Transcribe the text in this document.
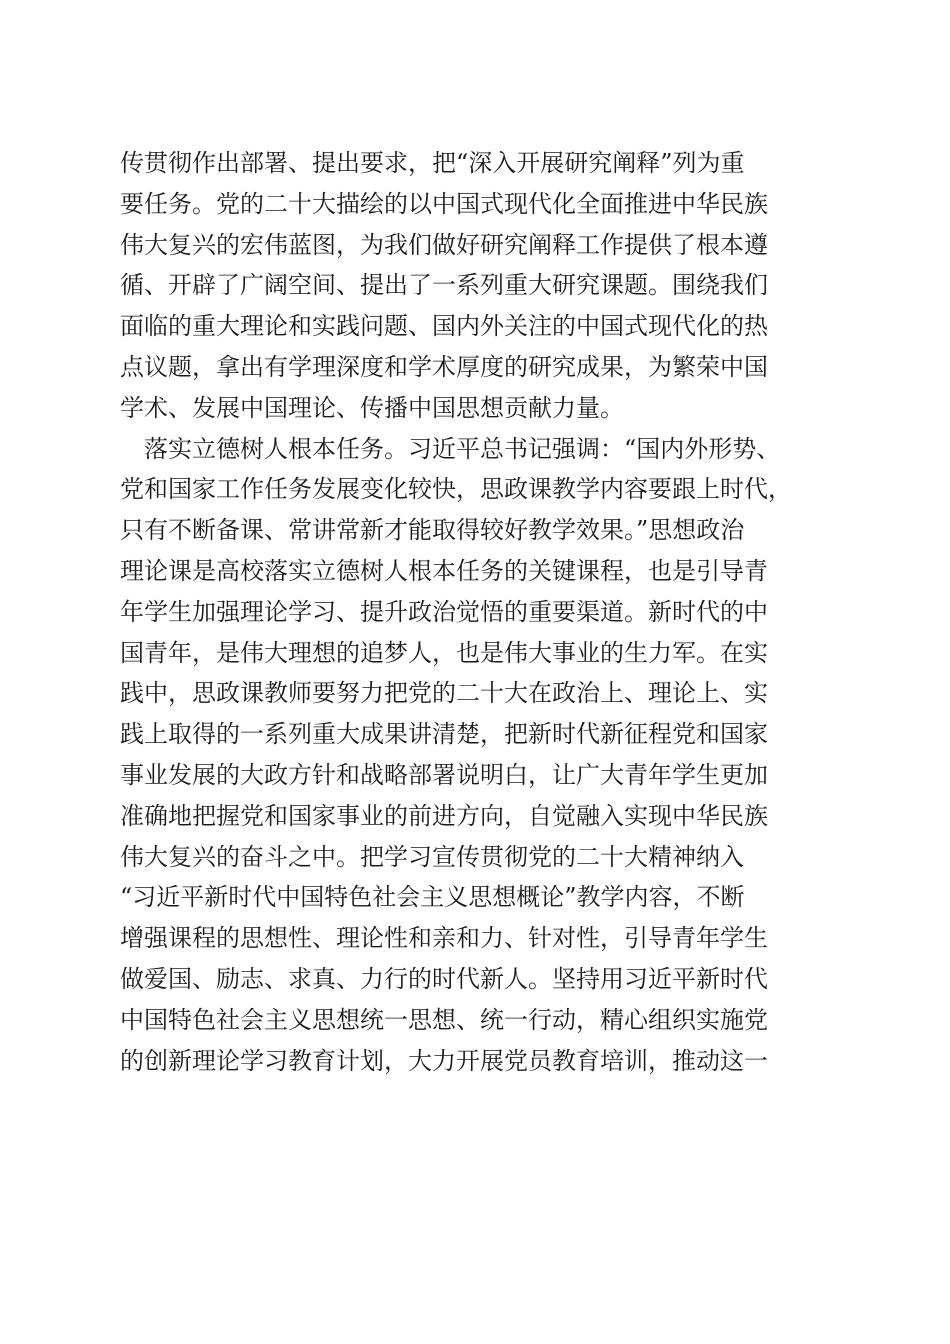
传贯彻作出部署、提出要求，把“深入开展研究阐释”列为重
要任务。党的二十大描绘的以中国式现代化全面推进中华民族
伟大复兴的宏伟蓝图，为我们做好研究阐释工作提供了根本遵
循、开辟了广阔空间、提出了一系列重大研究课题。围绕我们
面临的重大理论和实践问题、国内外关注的中国式现代化的热
点议题，拿出有学理深度和学术厚度的研究成果，为繁荣中国
学术、发展中国理论、传播中国思想贡献力量。
　落实立德树人根本任务。习近平总书记强调：“国内外形势、
党和国家工作任务发展变化较快，思政课教学内容要跟上时代，
只有不断备课、常讲常新才能取得较好教学效果。”思想政治
理论课是高校落实立德树人根本任务的关键课程，也是引导青
年学生加强理论学习、提升政治觉悟的重要渠道。新时代的中
国青年，是伟大理想的追梦人，也是伟大事业的生力军。在实
践中，思政课教师要努力把党的二十大在政治上、理论上、实
践上取得的一系列重大成果讲清楚，把新时代新征程党和国家
事业发展的大政方针和战略部署说明白，让广大青年学生更加
准确地把握党和国家事业的前进方向，自觉融入实现中华民族
伟大复兴的奋斗之中。把学习宣传贯彻党的二十大精神纳入
“习近平新时代中国特色社会主义思想概论”教学内容，不断
增强课程的思想性、理论性和亲和力、针对性，引导青年学生
做爱国、励志、求真、力行的时代新人。坚持用习近平新时代
中国特色社会主义思想统一思想、统一行动，精心组织实施党
的创新理论学习教育计划，大力开展党员教育培训，推动这一
